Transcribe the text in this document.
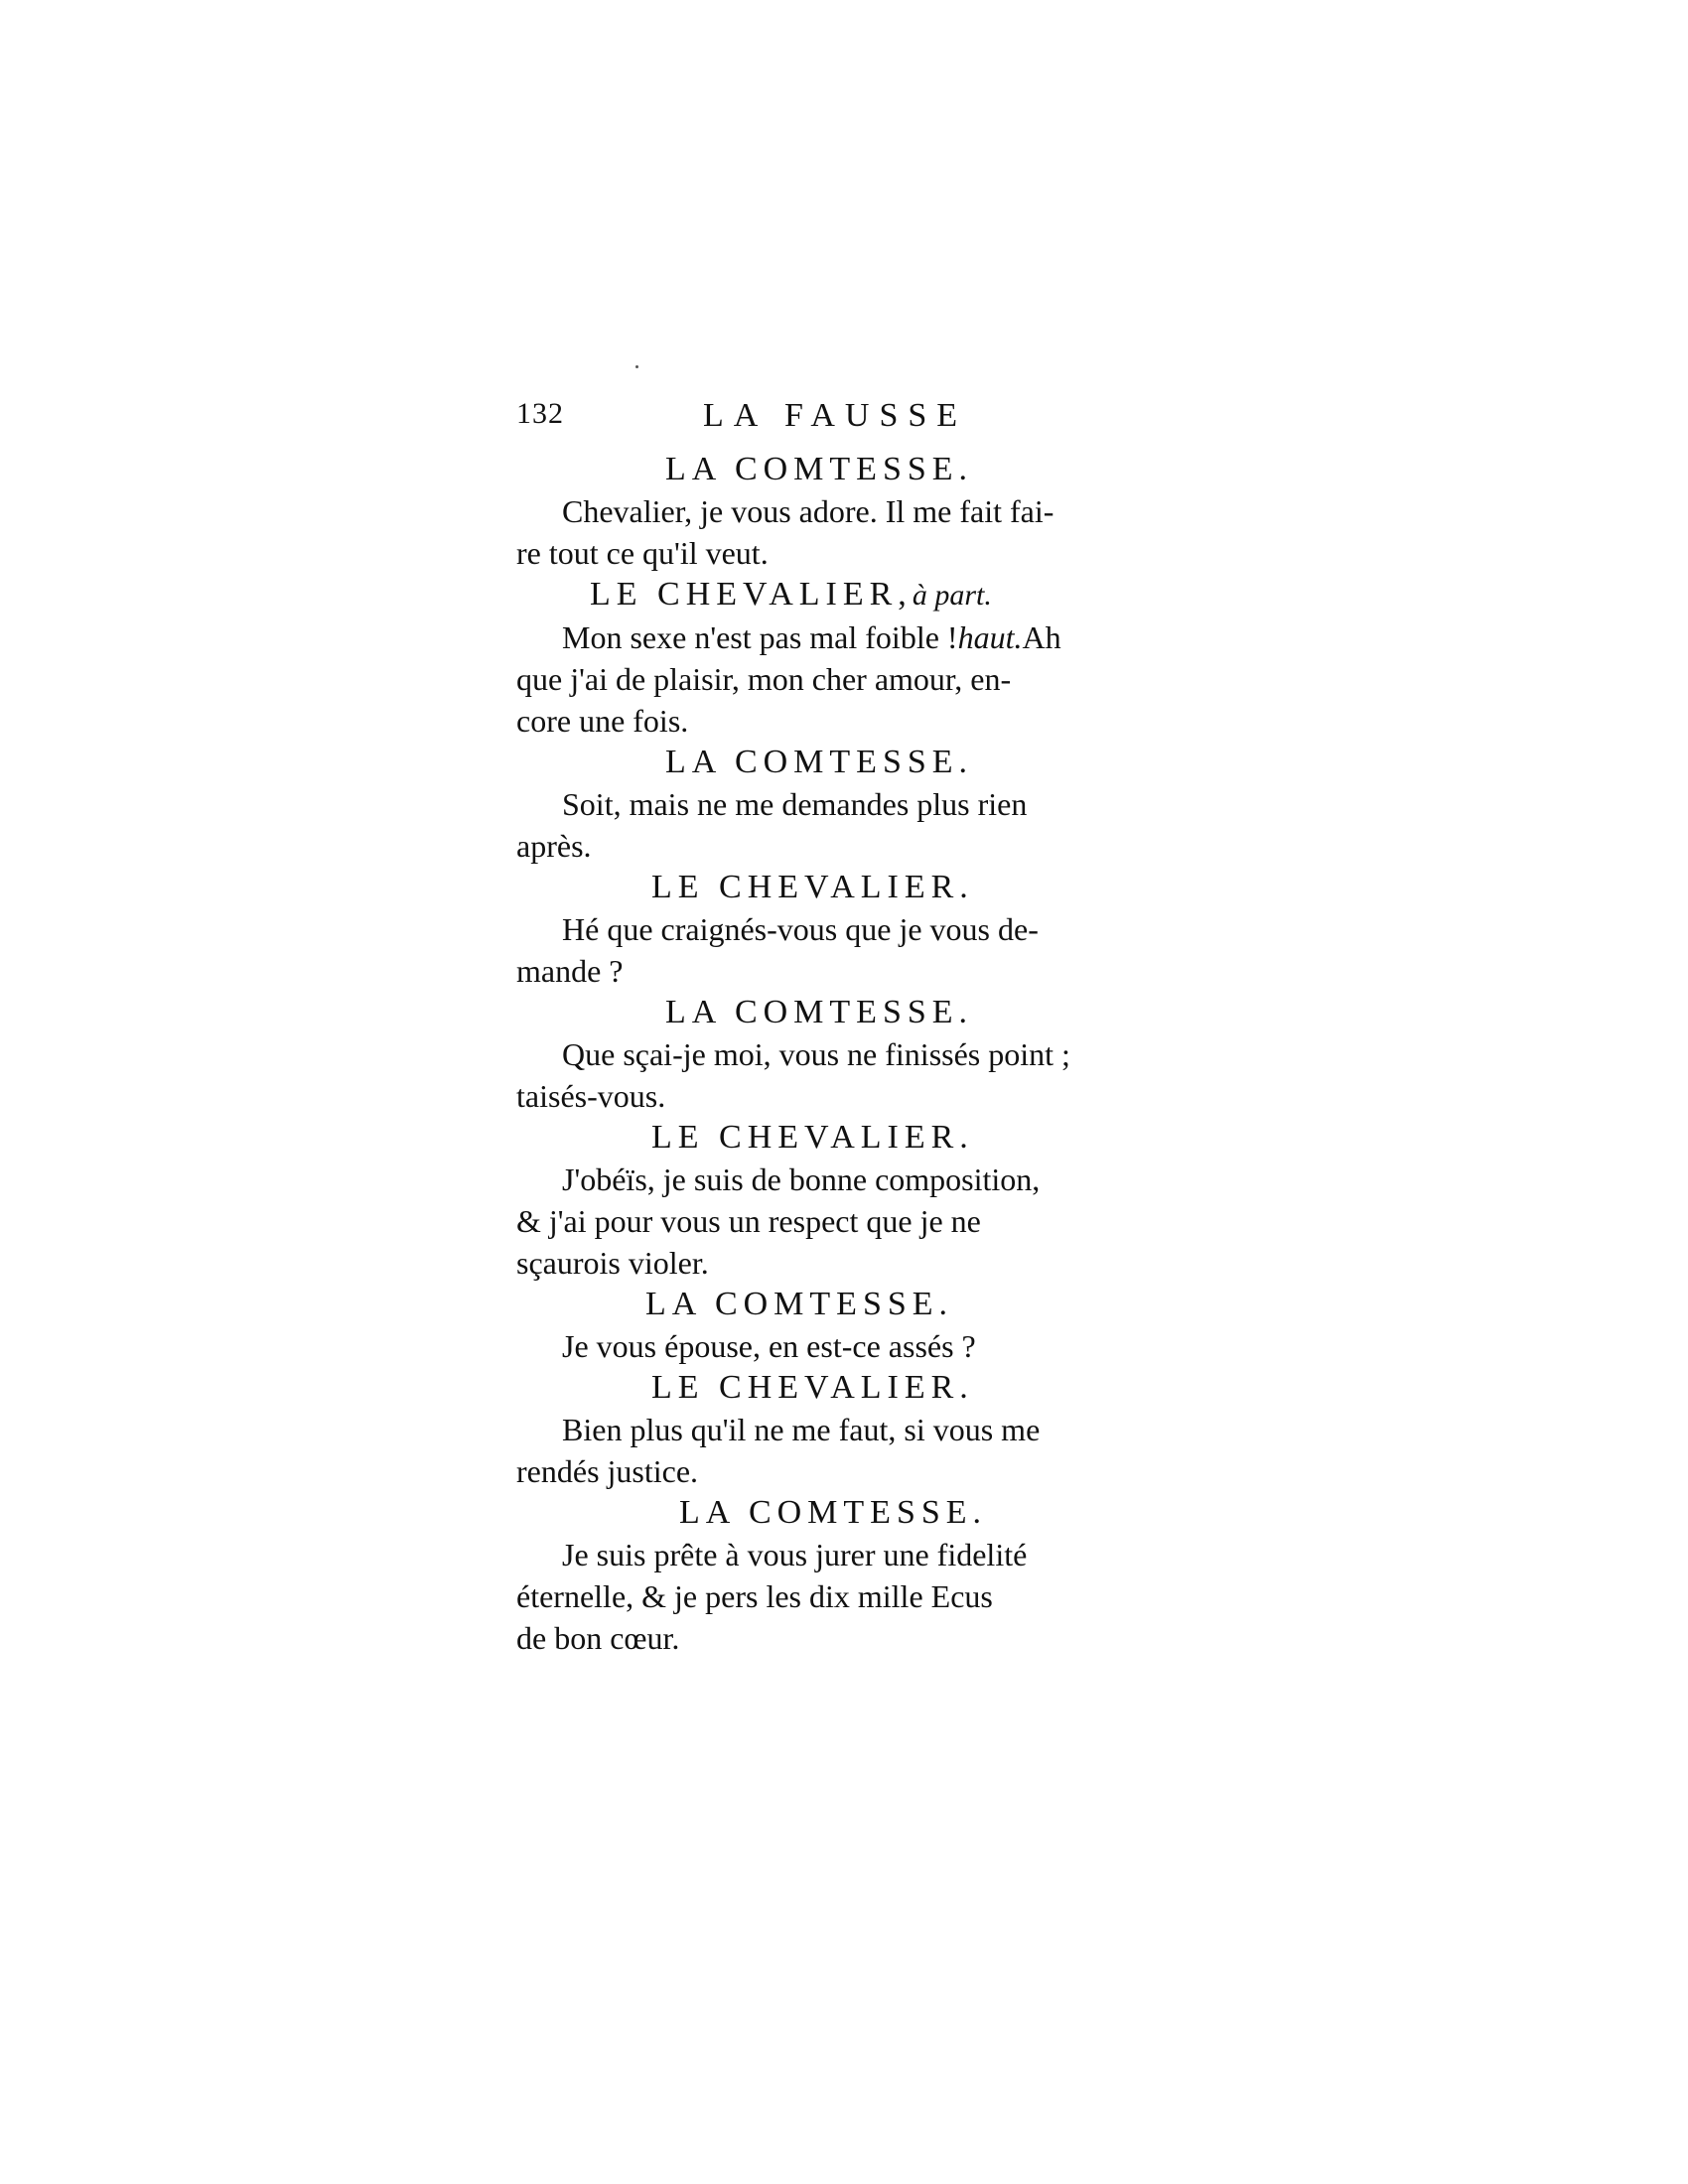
132	LA FAUSSE
LA COMTESSE.
Chevalier, je vous adore. Il me fait fai-
re tout ce qu'il veut.
LE CHEVALIER,à part.
Mon sexe n'est pas mal foible !haut.Ah
que j'ai de plaisir, mon cher amour, en-
core une fois.
LA COMTESSE.
Soit, mais ne me demandes plus rien
après.
LE CHEVALIER.
Hé que craignés-vous que je vous de-
mande ?
LA COMTESSE.
Que sçai-je moi, vous ne finissés point ;
taisés-vous.
LE CHEVALIER.
J'obéïs, je suis de bonne composition,
& j'ai pour vous un respect que je ne
sçaurois violer.
LA COMTESSE.
Je vous épouse, en est-ce assés ?
LE CHEVALIER.
Bien plus qu'il ne me faut, si vous me
rendés justice.
LA COMTESSE.
Je suis prête à vous jurer une fidelité
éternelle, & je pers les dix mille Ecus
de bon cœur.
